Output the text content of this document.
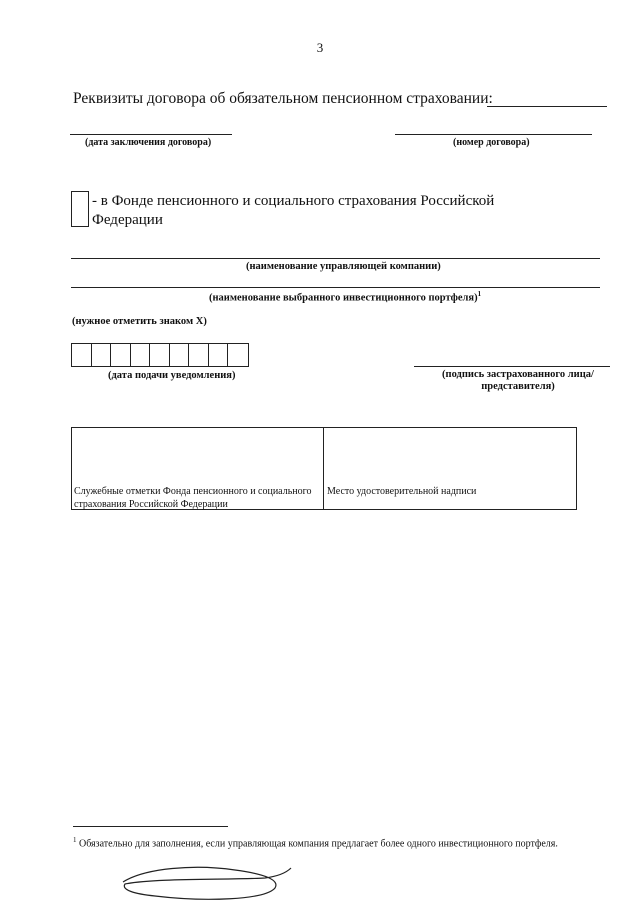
3
Реквизиты договора об обязательном пенсионном страховании:
(дата заключения договора)	(номер договора)
- в Фонде пенсионного и социального страхования Российской Федерации
(наименование управляющей компании)
(наименование выбранного инвестиционного портфеля)$^1$
(нужное отметить знаком X)
(дата подачи уведомления)	(подпись застрахованного лица/ представителя)
Служебные отметки Фонда пенсионного и социального страхования Российской Федерации
Место удостоверительной надписи
$^1$ Обязательно для заполнения, если управляющая компания предлагает более одного инвестиционного портфеля.
